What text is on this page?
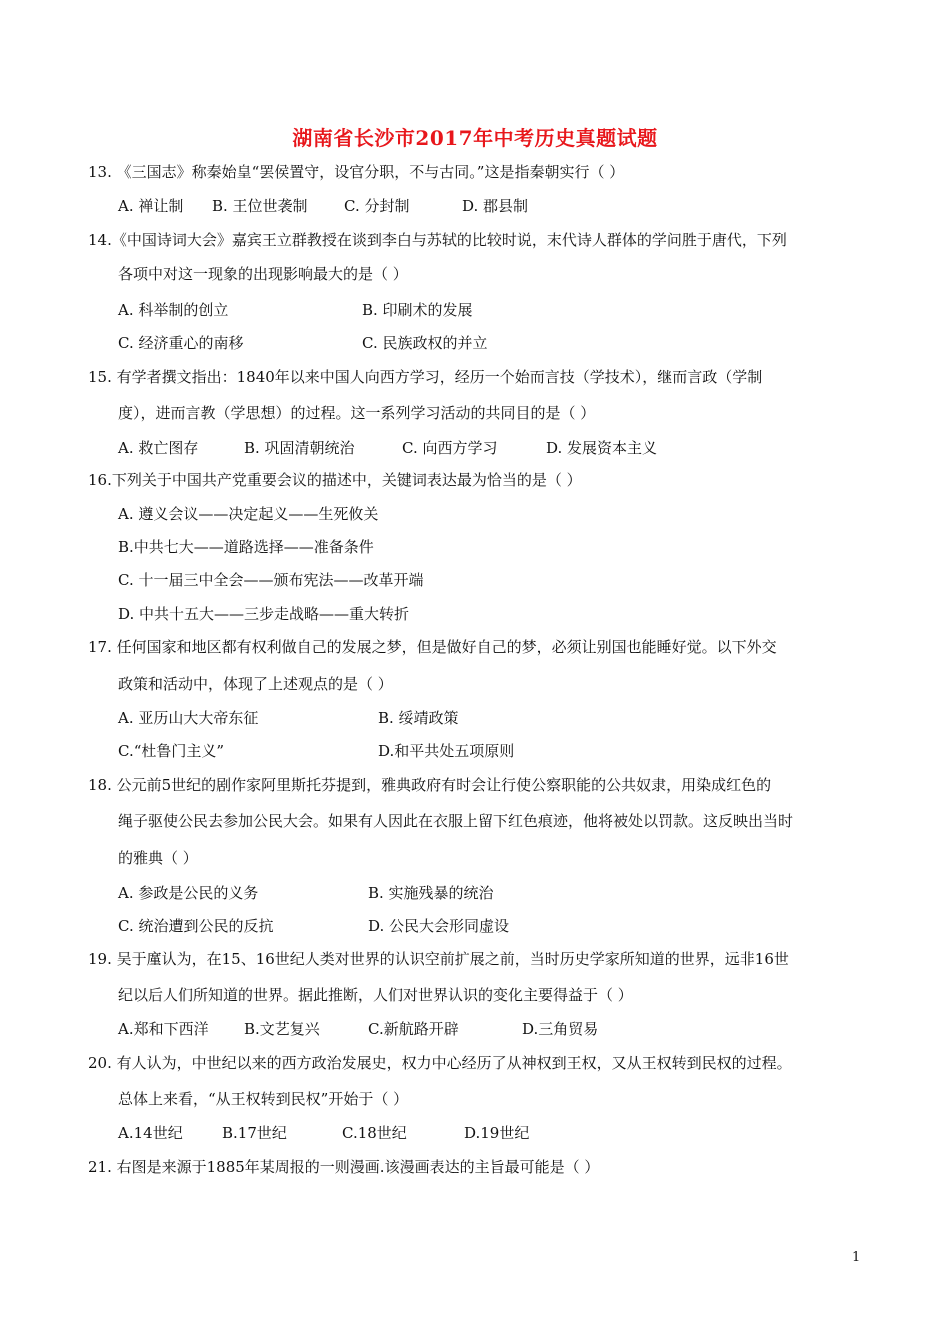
湖南省长沙市2017年中考历史真题试题
13. 《三国志》称秦始皇“罢侯置守，设官分职，不与古同。”这是指秦朝实行（ ）
A. 禅让制 B. 王位世袭制 C. 分封制	D. 郡县制
14.《中国诗词大会》嘉宾王立群教授在谈到李白与苏轼的比较时说，末代诗人群体的学问胜于唐代，下列
各项中对这一现象的出现影响最大的是（ ）
A. 科举制的创立	B. 印刷术的发展
C. 经济重心的南移	C. 民族政权的并立
15. 有学者撰文指出：1840年以来中国人向西方学习，经历一个始而言技（学技术），继而言政（学制
度），进而言教（学思想）的过程。这一系列学习活动的共同目的是（ ）
A. 救亡图存	B. 巩固清朝统治	C. 向西方学习	D. 发展资本主义
16.下列关于中国共产党重要会议的描述中，关键词表达最为恰当的是（ ）
A. 遵义会议——决定起义——生死攸关
B.中共七大——道路选择——准备条件
C. 十一届三中全会——颁布宪法——改革开端
D. 中共十五大——三步走战略——重大转折
17. 任何国家和地区都有权利做自己的发展之梦，但是做好自己的梦，必须让别国也能睡好觉。以下外交
政策和活动中，体现了上述观点的是（ ）
A. 亚历山大大帝东征	B. 绥靖政策
C.“杜鲁门主义”	D.和平共处五项原则
18. 公元前5世纪的剧作家阿里斯托芬提到，雅典政府有时会让行使公察职能的公共奴隶，用染成红色的
绳子驱使公民去参加公民大会。如果有人因此在衣服上留下红色痕迹，他将被处以罚款。这反映出当时
的雅典（ ）
A. 参政是公民的义务	B. 实施残暴的统治
C. 统治遭到公民的反抗	D. 公民大会形同虚设
19. 吴于廑认为，在15、16世纪人类对世界的认识空前扩展之前，当时历史学家所知道的世界，远非16世
纪以后人们所知道的世界。据此推断，人们对世界认识的变化主要得益于（ ）
A.郑和下西洋 B.文艺复兴	C.新航路开辟	D.三角贸易
20. 有人认为，中世纪以来的西方政治发展史，权力中心经历了从神权到王权，又从王权转到民权的过程。
总体上来看，“从王权转到民权”开始于（ ）
A.14世纪	B.17世纪	C.18世纪	D.19世纪
21. 右图是来源于1885年某周报的一则漫画.该漫画表达的主旨最可能是（ ）
1
